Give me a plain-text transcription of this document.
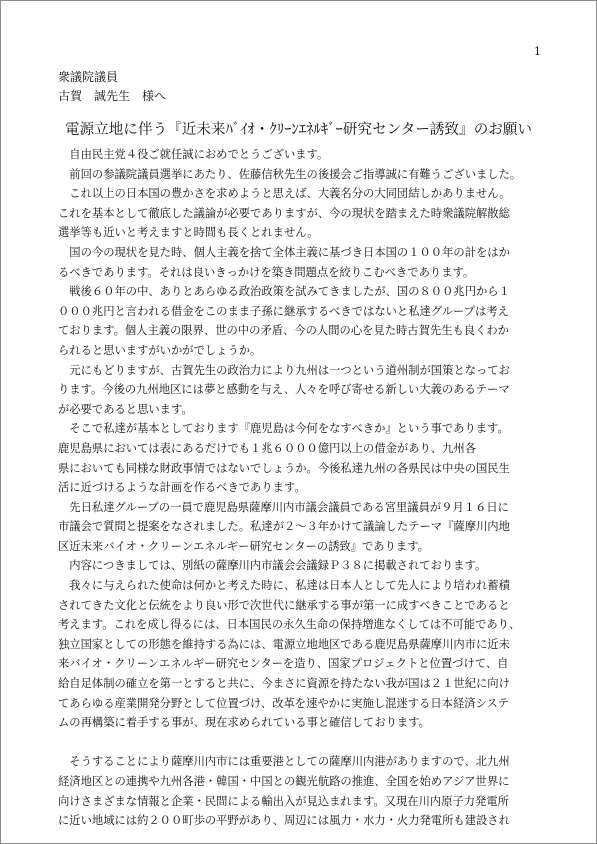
1
衆議院議員
古賀　誠先生　様へ
電源立地に伴う『近未来ﾊﾞｲｵ・ｸﾘｰﾝｴﾈﾙｷﾞｰ研究センター誘致』のお願い
　自由民主党４役ご就任誠におめでとうございます。
　前回の参議院議員選挙にあたり、佐藤信秋先生の後援会ご指導誠に有難うございました。
　これ以上の日本国の豊かさを求めようと思えば、大義名分の大同団結しかありません。
これを基本として徹底した議論が必要でありますが、今の現状を踏まえた時衆議院解散総
選挙等も近いと考えますと時間も長くとれません。
　国の今の現状を見た時、個人主義を捨て全体主義に基づき日本国の１００年の計をはか
るべきであります。それは良いきっかけを築き問題点を絞りこむべきであります。
　戦後６０年の中、ありとあらゆる政治政策を試みてきましたが、国の８００兆円から１
０００兆円と言われる借金をこのまま子孫に継承するべきではないと私達グループは考え
ております。個人主義の限界、世の中の矛盾、今の人間の心を見た時古賀先生も良くわか
られると思いますがいかがでしょうか。
　元にもどりますが、古賀先生の政治力により九州は一つという道州制が国策となってお
ります。今後の九州地区には夢と感動を与え、人々を呼び寄せる新しい大義のあるテーマ
が必要であると思います。
　そこで私達が基本としております『鹿児島は今何をなすべきか』という事であります。
鹿児島県においては表にあるだけでも１兆６０００億円以上の借金があり、九州各
県においても同様な財政事情ではないでしょうか。今後私達九州の各県民は中央の国民生
活に近づけるような計画を作るべきであります。
　先日私達グループの一員で鹿児島県薩摩川内市議会議員である宮里議員が９月１６日に
市議会で質問と提案をなされました。私達が２～３年かけて議論したテーマ『薩摩川内地
区近未来バイオ・クリーンエネルギー研究センターの誘致』であります。
　内容につきましては、別紙の薩摩川内市議会会議録Ｐ３８に掲載されております。
　我々に与えられた使命は何かと考えた時に、私達は日本人として先人により培われ蓄積
されてきた文化と伝統をより良い形で次世代に継承する事が第一に成すべきことであると
考えます。これを成し得るには、日本国民の永久生命の保持増進なくしては不可能であり、
独立国家としての形態を維持する為には、電源立地地区である鹿児島県薩摩川内市に近未
来バイオ・クリーンエネルギー研究センターを造り、国家プロジェクトと位置づけて、自
給自足体制の確立を第一とすると共に、今まさに資源を持たない我が国は２１世紀に向け
てあらゆる産業開発分野として位置づけ、改革を速やかに実施し混迷する日本経済システ
ムの再構築に着手する事が、現在求められている事と確信しております。
　そうすることにより薩摩川内市には重要港としての薩摩川内港がありますので、北九州
経済地区との連携や九州各港・韓国・中国との観光航路の推進、全国を始めアジア世界に
向けさまざまな情報と企業・民間による輸出入が見込まれます。又現在川内原子力発電所
に近い地域には約２００町歩の平野があり、周辺には風力・水力・火力発電所も建設され
